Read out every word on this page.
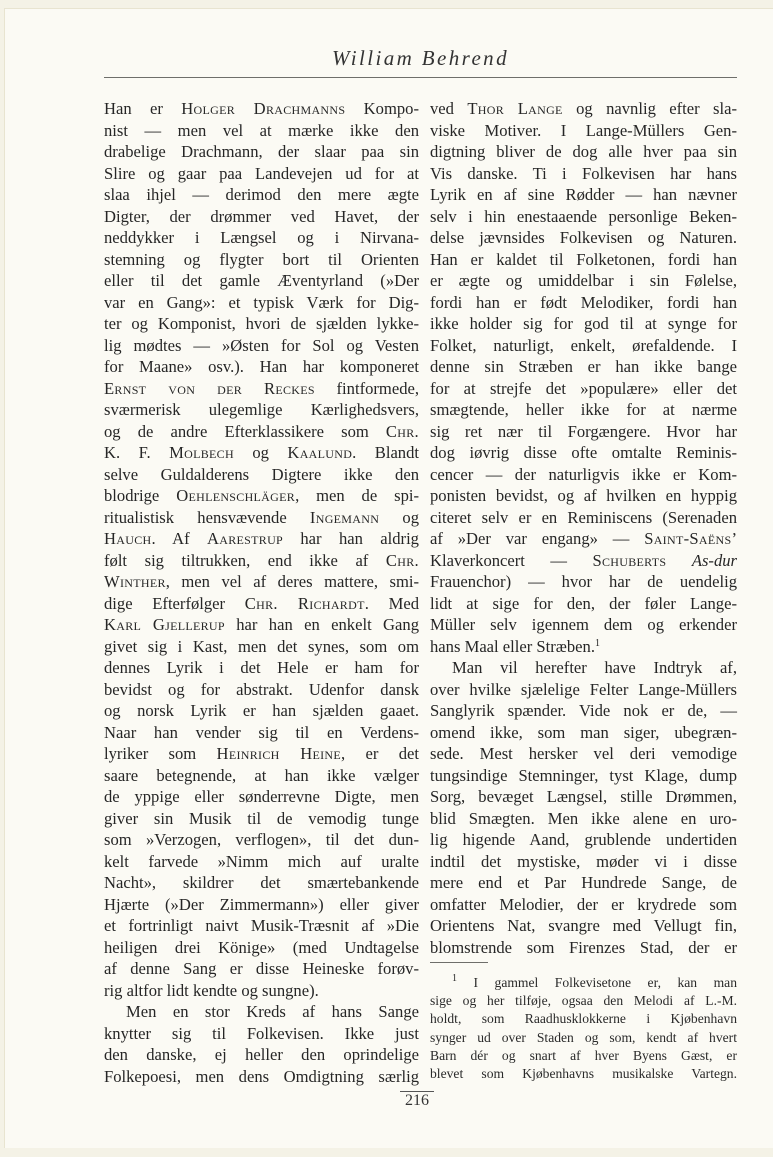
William Behrend
Han er Holger Drachmanns Kompo-
nist — men vel at mærke ikke den
drabelige Drachmann, der slaar paa sin
Slire og gaar paa Landevejen ud for at
slaa ihjel — derimod den mere ægte
Digter, der drømmer ved Havet, der
neddykker i Længsel og i Nirvana-
stemning og flygter bort til Orienten
eller til det gamle Æventyrland (»Der
var en Gang»: et typisk Værk for Dig-
ter og Komponist, hvori de sjælden lykke-
lig mødtes — »Østen for Sol og Vesten
for Maane» osv.). Han har komponeret
Ernst von der Reckes fintformede,
sværmerisk ulegemlige Kærlighedsvers,
og de andre Efterklassikere som Chr.
K. F. Molbech og Kaalund. Blandt
selve Guldalderens Digtere ikke den
blodrige Oehlenschläger, men de spi-
ritualistisk hensvævende Ingemann og
Hauch. Af Aarestrup har han aldrig
følt sig tiltrukken, end ikke af Chr.
Winther, men vel af deres mattere, smi-
dige Efterfølger Chr. Richardt. Med
Karl Gjellerup har han en enkelt Gang
givet sig i Kast, men det synes, som om
dennes Lyrik i det Hele er ham for
bevidst og for abstrakt. Udenfor dansk
og norsk Lyrik er han sjælden gaaet.
Naar han vender sig til en Verdens-
lyriker som Heinrich Heine, er det
saare betegnende, at han ikke vælger
de yppige eller sønderrevne Digte, men
giver sin Musik til de vemodig tunge
som »Verzogen, verflogen», til det dun-
kelt farvede »Nimm mich auf uralte
Nacht», skildrer det smærtebankende
Hjærte (»Der Zimmermann») eller giver
et fortrinligt naivt Musik-Træsnit af »Die
heiligen drei Könige» (med Undtagelse
af denne Sang er disse Heineske forøv-
rig altfor lidt kendte og sungne).
Men en stor Kreds af hans Sange
knytter sig til Folkevisen. Ikke just
den danske, ej heller den oprindelige
Folkepoesi, men dens Omdigtning særlig
ved Thor Lange og navnlig efter sla-
viske Motiver. I Lange-Müllers Gen-
digtning bliver de dog alle hver paa sin
Vis danske. Ti i Folkevisen har hans
Lyrik en af sine Rødder — han nævner
selv i hin enestaaende personlige Beken-
delse jævnsides Folkevisen og Naturen.
Han er kaldet til Folketonen, fordi han
er ægte og umiddelbar i sin Følelse,
fordi han er født Melodiker, fordi han
ikke holder sig for god til at synge for
Folket, naturligt, enkelt, ørefaldende. I
denne sin Stræben er han ikke bange
for at strejfe det »populære» eller det
smægtende, heller ikke for at nærme
sig ret nær til Forgængere. Hvor har
dog iøvrig disse ofte omtalte Reminis-
cencer — der naturligvis ikke er Kom-
ponisten bevidst, og af hvilken en hyppig
citeret selv er en Reminiscens (Serenaden
af »Der var engang» — Saint-Saëns’
Klaverkoncert — Schuberts As-dur
Frauenchor) — hvor har de uendelig
lidt at sige for den, der føler Lange-
Müller selv igennem dem og erkender
hans Maal eller Stræben.$^1$
Man vil herefter have Indtryk af,
over hvilke sjælelige Felter Lange-Müllers
Sanglyrik spænder. Vide nok er de, —
omend ikke, som man siger, ubegræn-
sede. Mest hersker vel deri vemodige
tungsindige Stemninger, tyst Klage, dump
Sorg, bevæget Længsel, stille Drømmen,
blid Smægten. Men ikke alene en uro-
lig higende Aand, grublende undertiden
indtil det mystiske, møder vi i disse
mere end et Par Hundrede Sange, de
omfatter Melodier, der er krydrede som
Orientens Nat, svangre med Vellugt fin,
blomstrende som Firenzes Stad, der er
$^1$ I gammel Folkevisetone er, kan man
sige og her tilføje, ogsaa den Melodi af L.-M.
holdt, som Raadhusklokkerne i Kjøbenhavn
synger ud over Staden og som, kendt af hvert
Barn dér og snart af hver Byens Gæst, er
blevet som Kjøbenhavns musikalske Vartegn.
216
